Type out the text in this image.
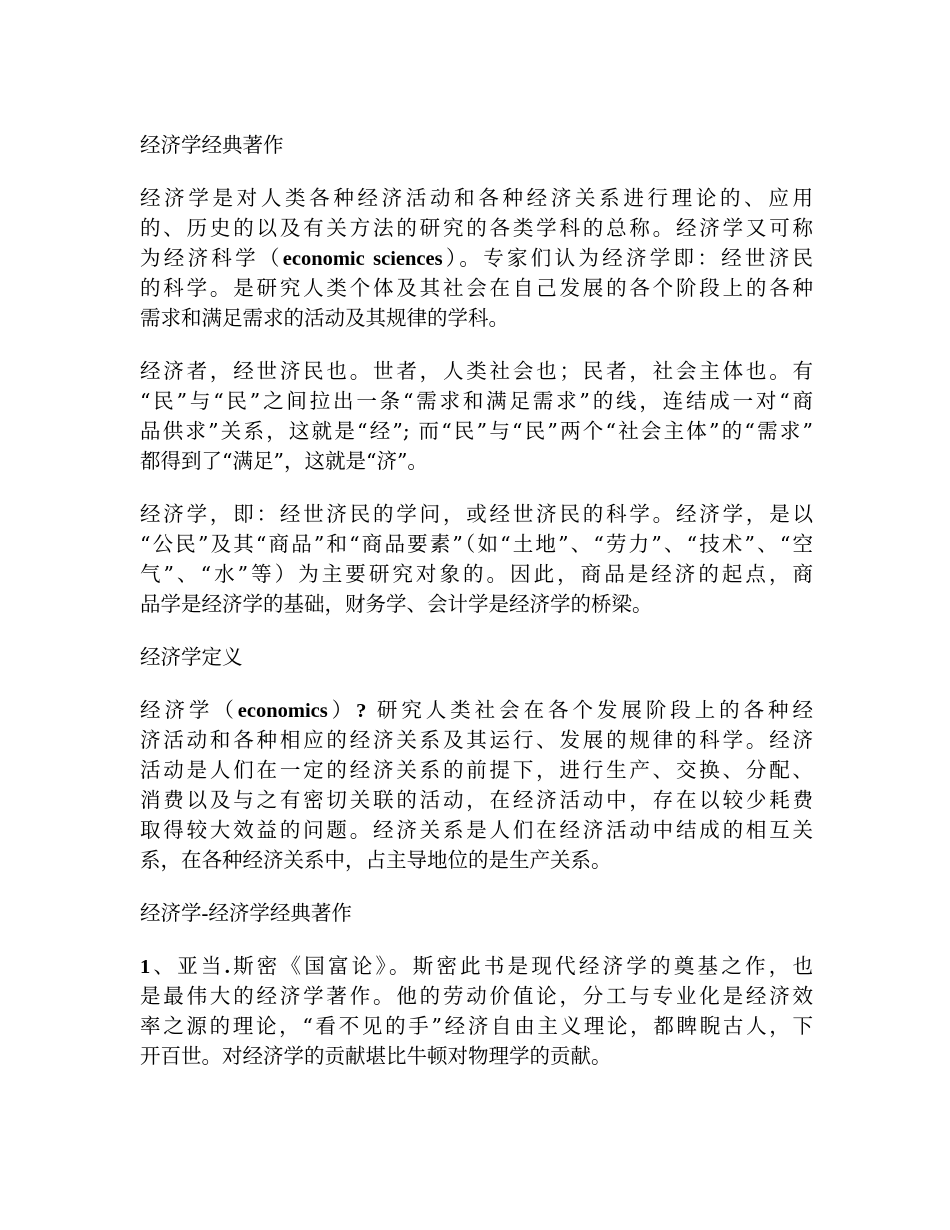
经济学经典著作
经济学是对人类各种经济活动和各种经济关系进行理论的、应用
的、历史的以及有关方法的研究的各类学科的总称。经济学又可称
为经济科学（economic sciences）。专家们认为经济学即：经世济民
的科学。是研究人类个体及其社会在自己发展的各个阶段上的各种
需求和满足需求的活动及其规律的学科。
经济者，经世济民也。世者，人类社会也；民者，社会主体也。有
“民”与“民”之间拉出一条“需求和满足需求”的线，连结成一对“商
品供求”关系，这就是“经”; 而“民”与“民”两个“社会主体”的“需求”
都得到了“满足”，这就是“济”。
经济学，即：经世济民的学问，或经世济民的科学。经济学，是以
“公民”及其“商品”和“商品要素”（如“土地”、“劳力”、“技术”、“空
气”、“水”等）为主要研究对象的。因此，商品是经济的起点，商
品学是经济学的基础，财务学、会计学是经济学的桥梁。
经济学定义
经济学（economics）? 研究人类社会在各个发展阶段上的各种经
济活动和各种相应的经济关系及其运行、发展的规律的科学。经济
活动是人们在一定的经济关系的前提下，进行生产、交换、分配、
消费以及与之有密切关联的活动，在经济活动中，存在以较少耗费
取得较大效益的问题。经济关系是人们在经济活动中结成的相互关
系，在各种经济关系中，占主导地位的是生产关系。
经济学-经济学经典著作
1、亚当.斯密《国富论》。斯密此书是现代经济学的奠基之作，也
是最伟大的经济学著作。他的劳动价值论，分工与专业化是经济效
率之源的理论，“看不见的手”经济自由主义理论，都睥睨古人，下
开百世。对经济学的贡献堪比牛顿对物理学的贡献。
